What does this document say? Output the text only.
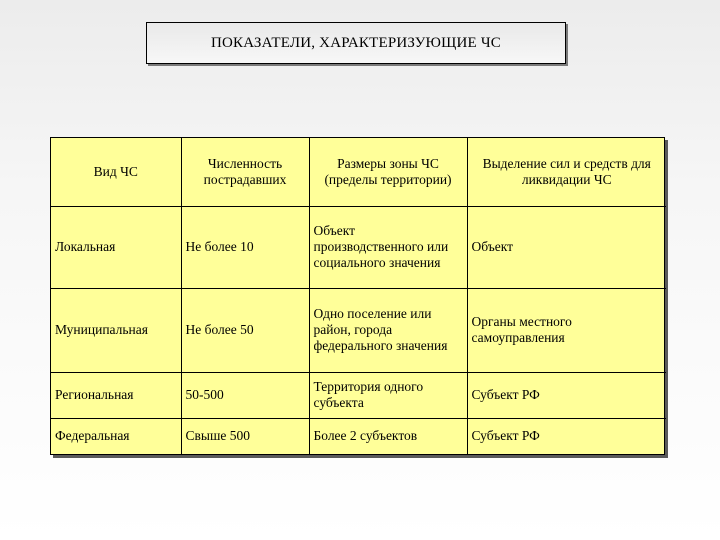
ПОКАЗАТЕЛИ, ХАРАКТЕРИЗУЮЩИЕ ЧС
Вид ЧС	Численность пострадавших	Размеры зоны ЧС (пределы территории)	Выделение сил и средств для ликвидации ЧС
Локальная	Не более 10	Объект производственного или социального значения	Объект
Муниципальная	Не более 50	Одно поселение или район, города федерального значения	Органы местного самоуправления
Региональная	50-500	Территория одного субъекта	Субъект РФ
Федеральная	Свыше 500	Более 2 субъектов	Субъект РФ
